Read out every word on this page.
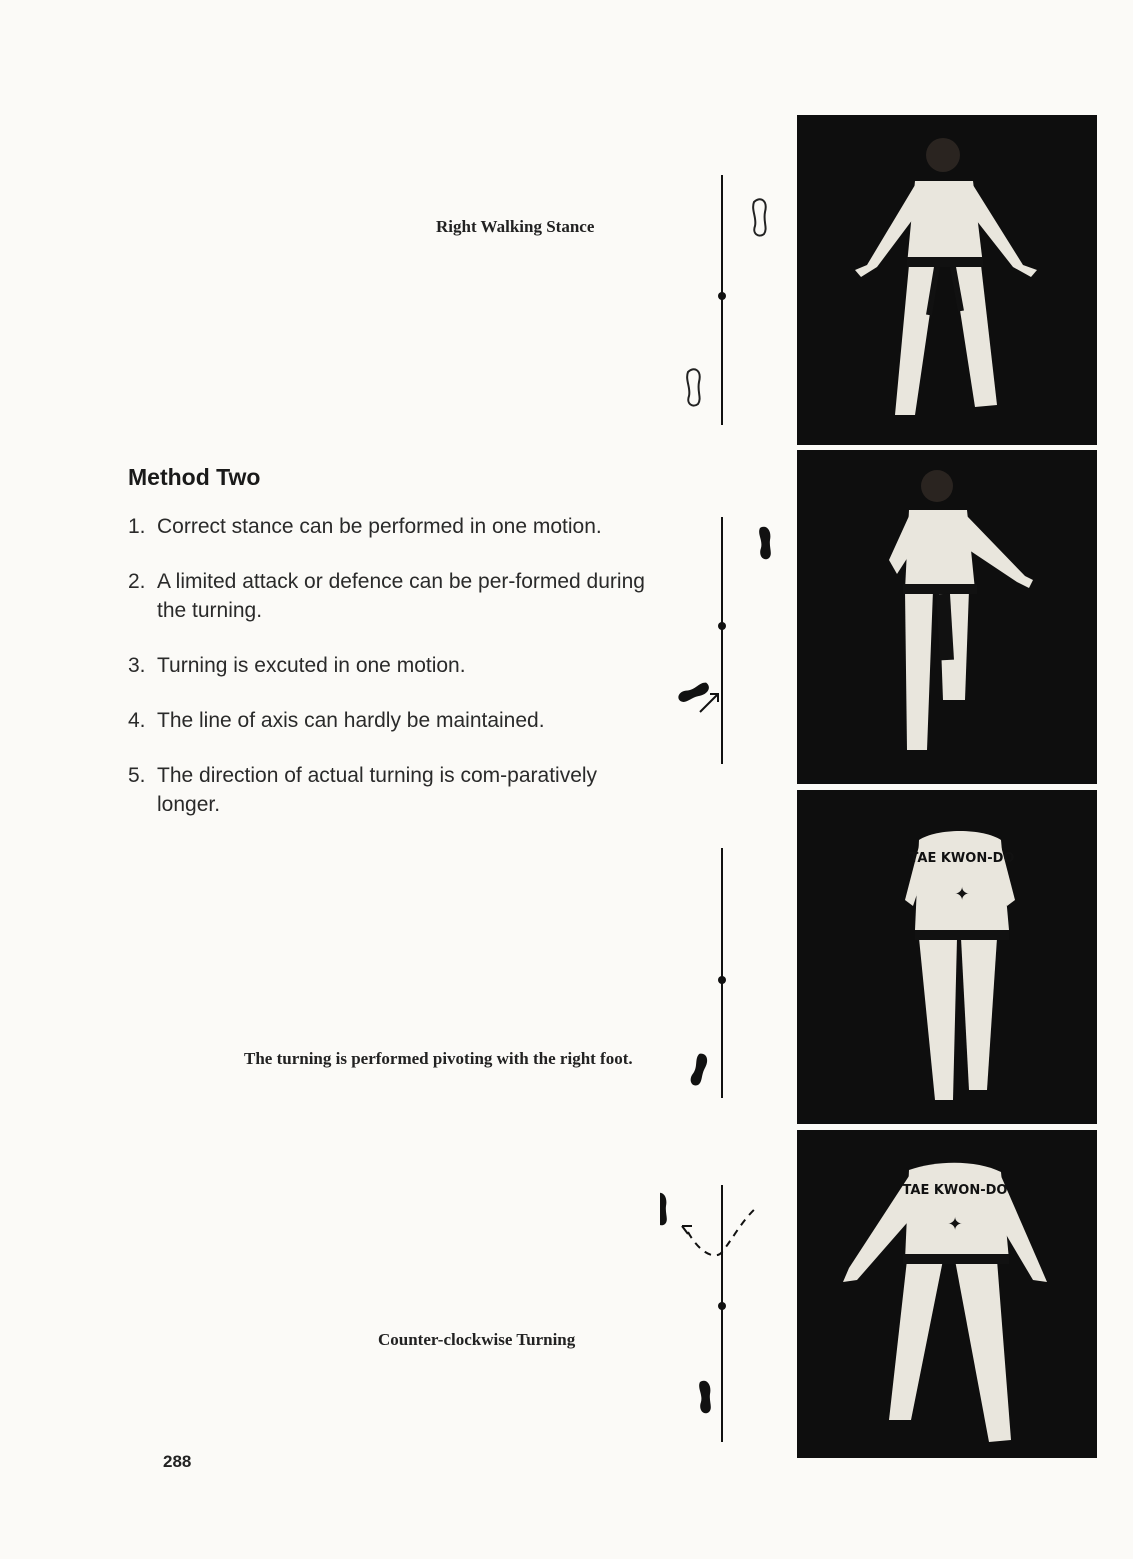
Right Walking Stance
Method Two
1. Correct stance can be performed in one motion.
2. A limited attack or defence can be per-formed during the turning.
3. Turning is excuted in one motion.
4. The line of axis can hardly be maintained.
5. The direction of actual turning is com-paratively longer.
The turning is performed pivoting with the right foot.
Counter-clockwise Turning
288
TAE KWON-DO
✦
TAE KWON-DO
✦
